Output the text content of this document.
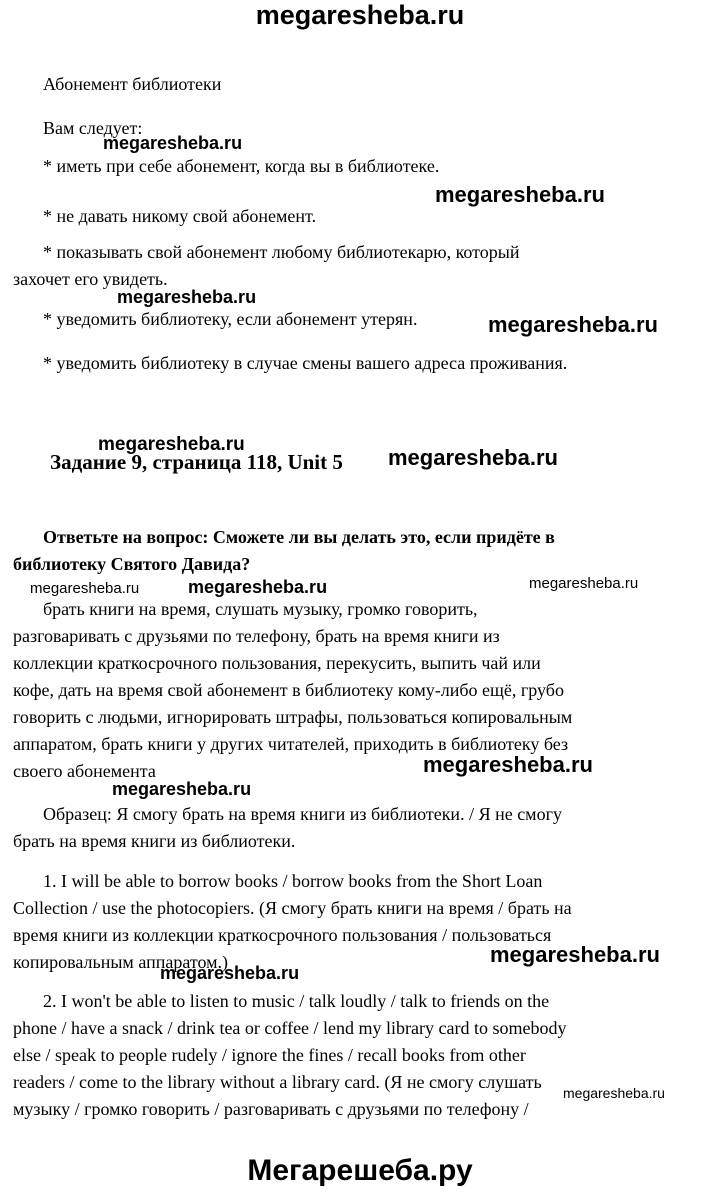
megaresheba.ru
Абонемент библиотеки
Вам следует:
megaresheba.ru
* иметь при себе абонемент, когда вы в библиотеке.
megaresheba.ru
* не давать никому свой абонемент.
* показывать свой абонемент любому библиотекарю, который
захочет его увидеть.
megaresheba.ru
* уведомить библиотеку, если абонемент утерян.	megaresheba.ru
* уведомить библиотеку в случае смены вашего адреса проживания.
megaresheba.ru
Задание 9, страница 118, Unit 5 megaresheba.ru
Ответьте на вопрос: Сможете ли вы делать это, если придёте в
библиотеку Святого Давида?
megaresheba.ru	megaresheba.ru	megaresheba.ru
брать книги на время, слушать музыку, громко говорить,
разговаривать с друзьями по телефону, брать на время книги из
коллекции краткосрочного пользования, перекусить, выпить чай или
кофе, дать на время свой абонемент в библиотеку кому-либо ещё, грубо
говорить с людьми, игнорировать штрафы, пользоваться копировальным
аппаратом, брать книги у других читателей, приходить в библиотеку без
своего абонемента	megaresheba.ru
megaresheba.ru
Образец: Я смогу брать на время книги из библиотеки. / Я не смогу
брать на время книги из библиотеки.
1. I will be able to borrow books / borrow books from the Short Loan
Collection / use the photocopiers. (Я смогу брать книги на время / брать на
время книги из коллекции краткосрочного пользования / пользоваться
копировальным аппаратом.)	megaresheba.ru
megaresheba.ru
2. I won't be able to listen to music / talk loudly / talk to friends on the
phone / have a snack / drink tea or coffee / lend my library card to somebody
else / speak to people rudely / ignore the fines / recall books from other
readers / come to the library without a library card. (Я не смогу слушать
музыку / громко говорить / разговаривать с друзьями по телефону /
megaresheba.ru
Мегарешеба.ру
